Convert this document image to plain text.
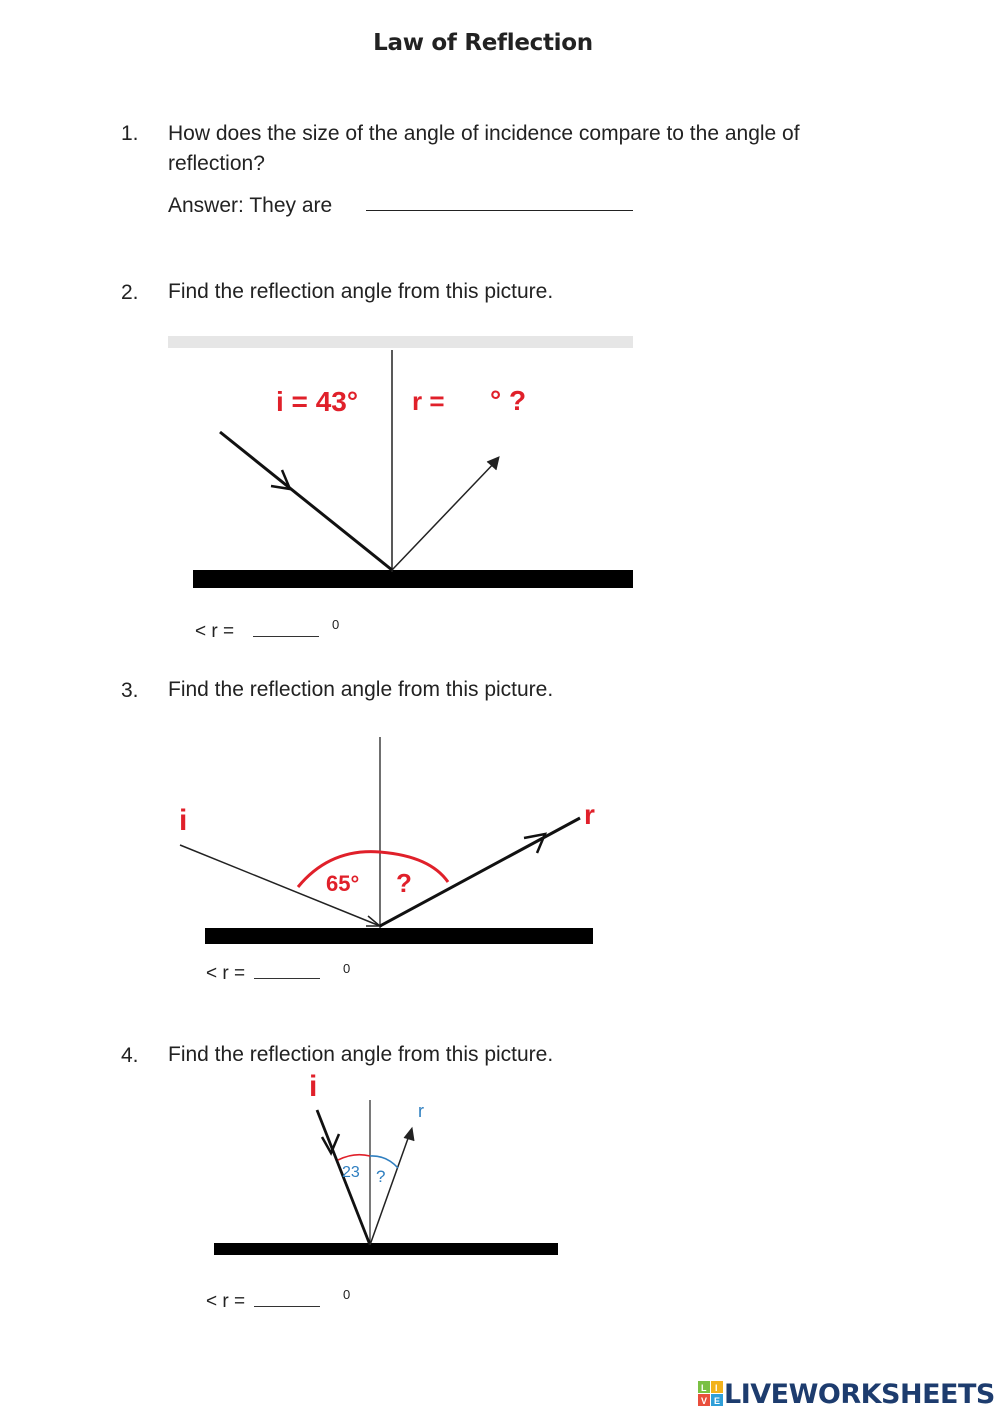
Law of Reflection
1. How does the size of the angle of incidence compare to the angle of
reflection?
Answer: They are
2. Find the reflection angle from this picture.
i = 43° r = ° ?
i	r
65° ?
i
r
23 ?
< r =	0
3. Find the reflection angle from this picture.
< r =	0
4. Find the reflection angle from this picture.
< r =	0
L I
V E LIVEWORKSHEETS
